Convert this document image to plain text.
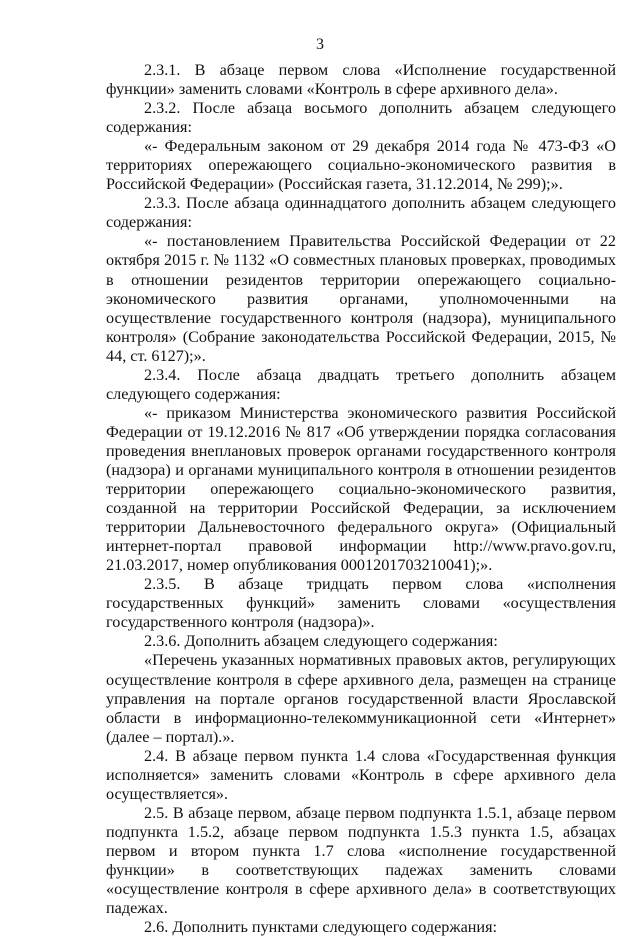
3

2.3.1. В абзаце первом слова «Исполнение государственной функции» заменить словами «Контроль в сфере архивного дела».

2.3.2. После абзаца восьмого дополнить абзацем следующего содержания:

«- Федеральным законом от 29 декабря 2014 года № 473-ФЗ «О территориях опережающего социально-экономического развития в Российской Федерации» (Российская газета, 31.12.2014, № 299);».

2.3.3. После абзаца одиннадцатого дополнить абзацем следующего содержания:

«- постановлением Правительства Российской Федерации от 22 октября 2015 г. № 1132 «О совместных плановых проверках, проводимых в отношении резидентов территории опережающего социально-экономического развития органами, уполномоченными на осуществление государственного контроля (надзора), муниципального контроля» (Собрание законодательства Российской Федерации, 2015, № 44, ст. 6127);».

2.3.4. После абзаца двадцать третьего дополнить абзацем следующего содержания:

«- приказом Министерства экономического развития Российской Федерации от 19.12.2016 № 817 «Об утверждении порядка согласования проведения внеплановых проверок органами государственного контроля (надзора) и органами муниципального контроля в отношении резидентов территории опережающего социально-экономического развития, созданной на территории Российской Федерации, за исключением территории Дальневосточного федерального округа» (Официальный интернет-портал правовой информации http://www.pravo.gov.ru, 21.03.2017, номер опубликования 0001201703210041);».

2.3.5. В абзаце тридцать первом слова «исполнения государственных функций» заменить словами «осуществления государственного контроля (надзора)».

2.3.6. Дополнить абзацем следующего содержания:

«Перечень указанных нормативных правовых актов, регулирующих осуществление контроля в сфере архивного дела, размещен на странице управления на портале органов государственной власти Ярославской области в информационно-телекоммуникационной сети «Интернет» (далее – портал).».

2.4. В абзаце первом пункта 1.4 слова «Государственная функция исполняется» заменить словами «Контроль в сфере архивного дела осуществляется».

2.5. В абзаце первом, абзаце первом подпункта 1.5.1, абзаце первом подпункта 1.5.2, абзаце первом подпункта 1.5.3 пункта 1.5, абзацах первом и втором пункта 1.7 слова «исполнение государственной функции» в соответствующих падежах заменить словами «осуществление контроля в сфере архивного дела» в соответствующих падежах.

2.6. Дополнить пунктами следующего содержания:
